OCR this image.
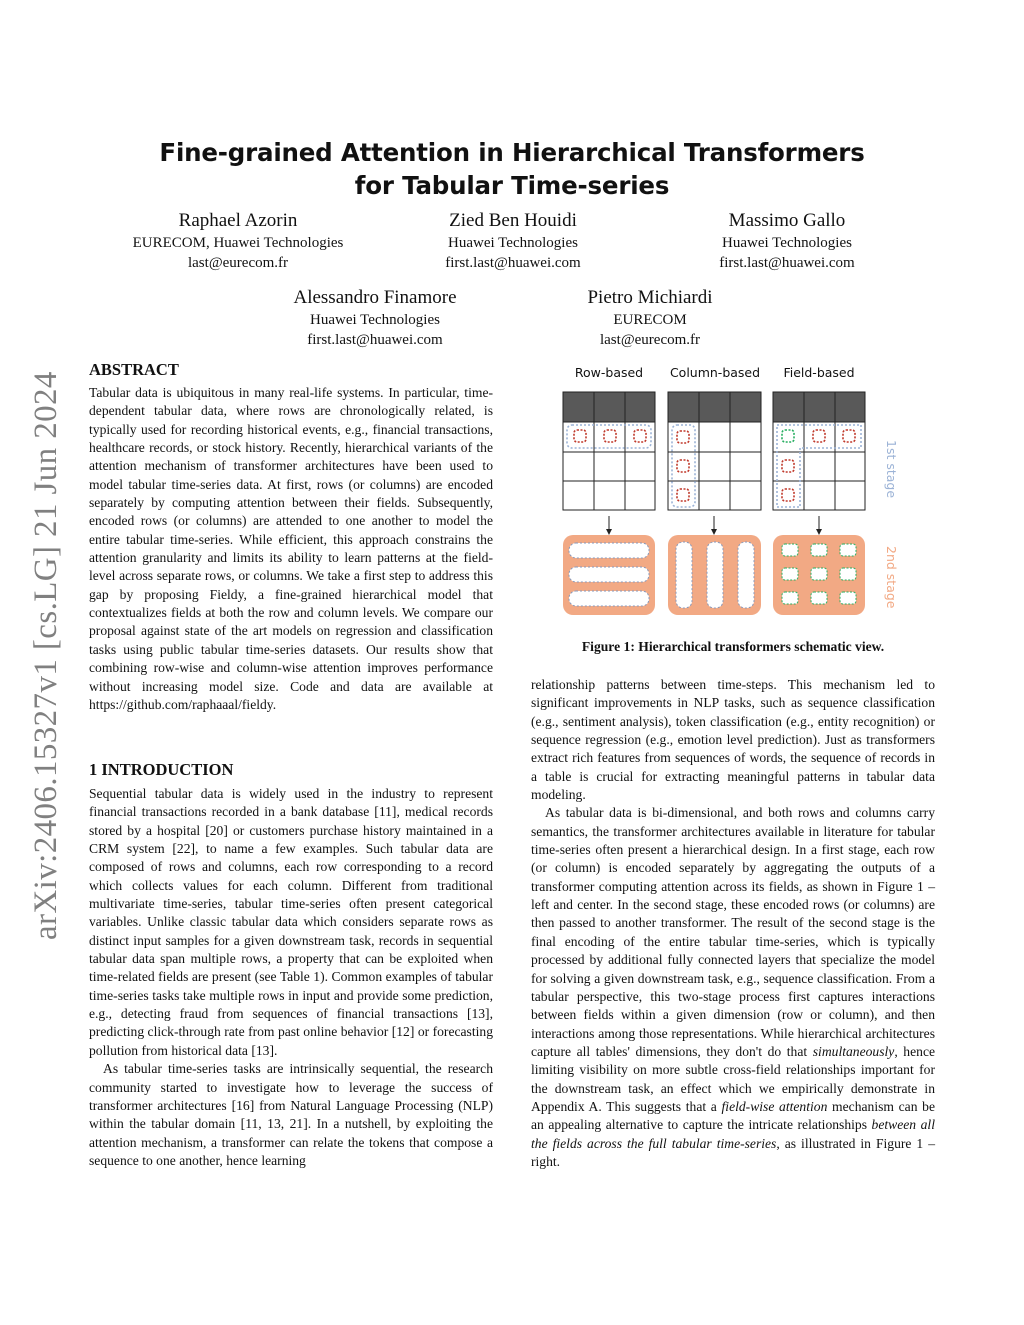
Fine-grained Attention in Hierarchical Transformers
for Tabular Time-series
Raphael Azorin
EURECOM, Huawei Technologies
last@eurecom.fr
Zied Ben Houidi
Huawei Technologies
first.last@huawei.com
Massimo Gallo
Huawei Technologies
first.last@huawei.com
Alessandro Finamore
Huawei Technologies
first.last@huawei.com
Pietro Michiardi
EURECOM
last@eurecom.fr
arXiv:2406.15327v1 [cs.LG] 21 Jun 2024
ABSTRACT

Tabular data is ubiquitous in many real-life systems. In particular, time-dependent tabular data, where rows are chronologically related, is typically used for recording historical events, e.g., financial transactions, healthcare records, or stock history. Recently, hierarchical variants of the attention mechanism of transformer architectures have been used to model tabular time-series data. At first, rows (or columns) are encoded separately by computing attention between their fields. Subsequently, encoded rows (or columns) are attended to one another to model the entire tabular time-series. While efficient, this approach constrains the attention granularity and limits its ability to learn patterns at the field-level across separate rows, or columns. We take a first step to address this gap by proposing Fieldy, a fine-grained hierarchical model that contextualizes fields at both the row and column levels. We compare our proposal against state of the art models on regression and classification tasks using public tabular time-series datasets. Our results show that combining row-wise and column-wise attention improves performance without increasing model size. Code and data are available at https://github.com/raphaaal/fieldy.

1 INTRODUCTION

Sequential tabular data is widely used in the industry to represent financial transactions recorded in a bank database [11], medical records stored by a hospital [20] or customers purchase history maintained in a CRM system [22], to name a few examples. Such tabular data are composed of rows and columns, each row corresponding to a record which collects values for each column. Different from traditional multivariate time-series, tabular time-series often present categorical variables. Unlike classic tabular data which considers separate rows as distinct input samples for a given downstream task, records in sequential tabular data span multiple rows, a property that can be exploited when time-related fields are present (see Table 1). Common examples of tabular time-series tasks take multiple rows in input and provide some prediction, e.g., detecting fraud from sequences of financial transactions [13], predicting click-through rate from past online behavior [12] or forecasting pollution from historical data [13].

As tabular time-series tasks are intrinsically sequential, the research community started to investigate how to leverage the success of transformer architectures [16] from Natural Language Processing (NLP) within the tabular domain [11, 13, 21]. In a nutshell, by exploiting the attention mechanism, a transformer can relate the tokens that compose a sequence to one another, hence learning

Row-based Column-based Field-based
1st stage
2nd stage
Figure 1: Hierarchical transformers schematic view.

relationship patterns between time-steps. This mechanism led to significant improvements in NLP tasks, such as sequence classification (e.g., sentiment analysis), token classification (e.g., entity recognition) or sequence regression (e.g., emotion level prediction). Just as transformers extract rich features from sequences of words, the sequence of records in a table is crucial for extracting meaningful patterns in tabular data modeling.

As tabular data is bi-dimensional, and both rows and columns carry semantics, the transformer architectures available in literature for tabular time-series often present a hierarchical design. In a first stage, each row (or column) is encoded separately by aggregating the outputs of a transformer computing attention across its fields, as shown in Figure 1 – left and center. In the second stage, these encoded rows (or columns) are then passed to another transformer. The result of the second stage is the final encoding of the entire tabular time-series, which is typically processed by additional fully connected layers that specialize the model for solving a given downstream task, e.g., sequence classification. From a tabular perspective, this two-stage process first captures interactions between fields within a given dimension (row or column), and then interactions among those representations. While hierarchical architectures capture all tables' dimensions, they don't do that simultaneously, hence limiting visibility on more subtle cross-field relationships important for the downstream task, an effect which we empirically demonstrate in Appendix A. This suggests that a field-wise attention mechanism can be an appealing alternative to capture the intricate relationships between all the fields across the full tabular time-series, as illustrated in Figure 1 – right.
